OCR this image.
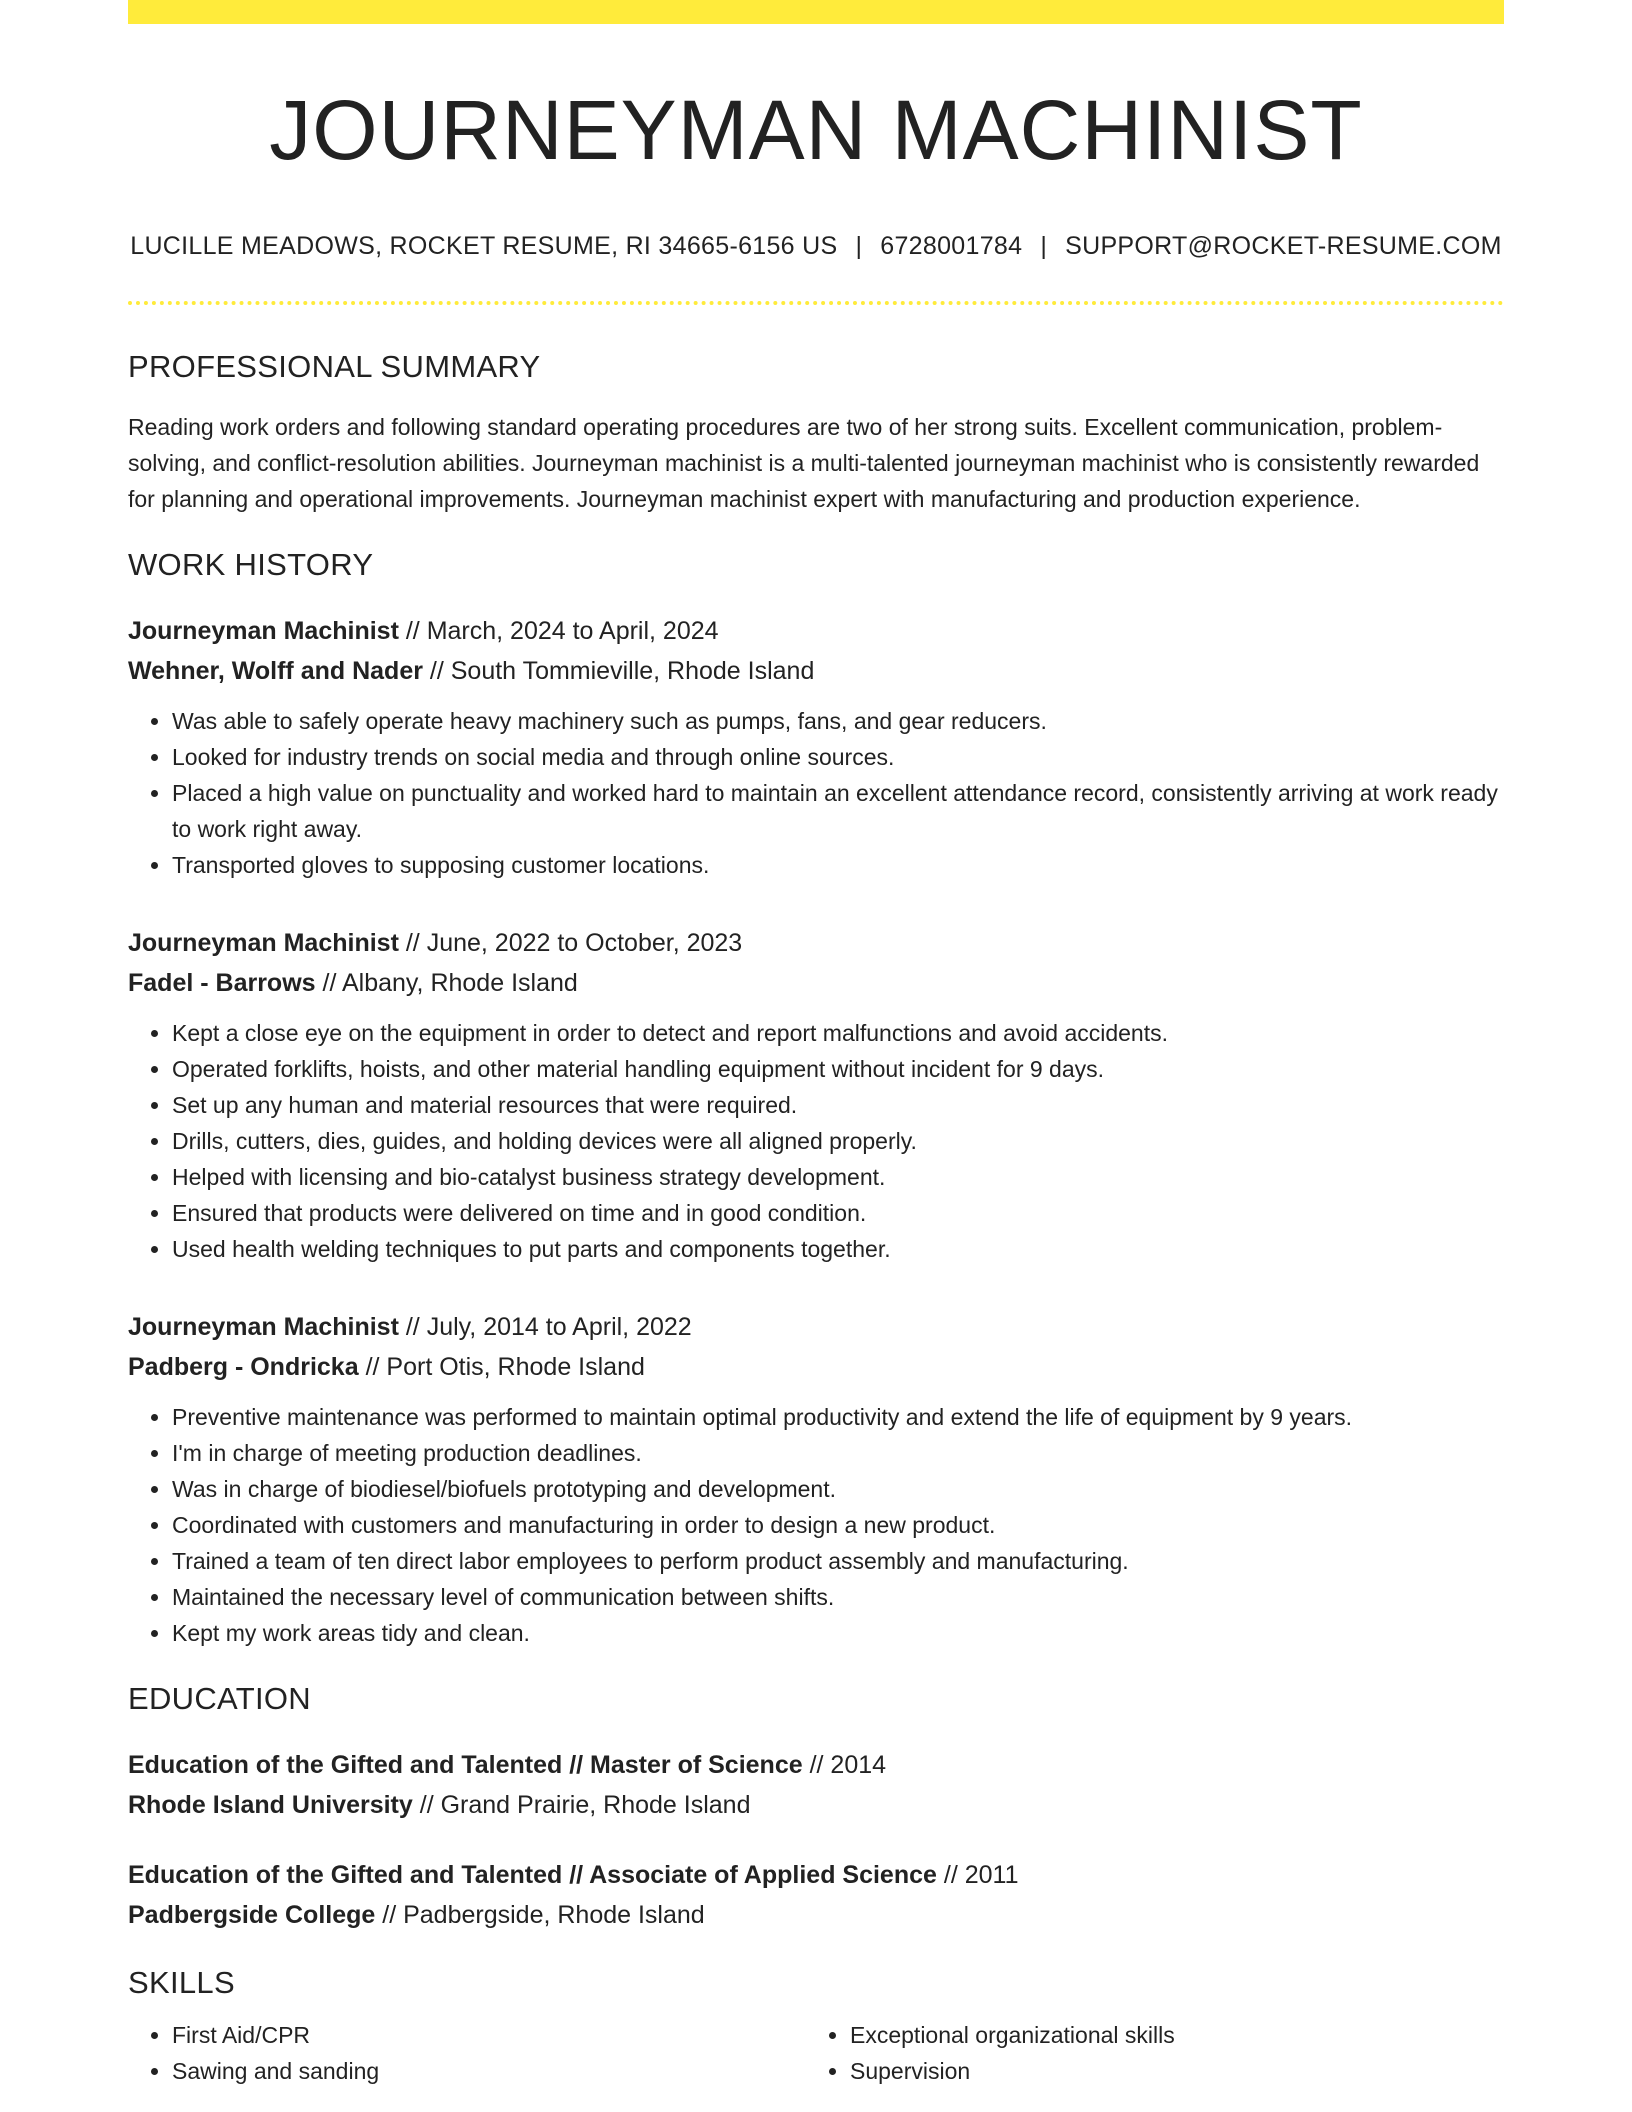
JOURNEYMAN MACHINIST
LUCILLE MEADOWS, ROCKET RESUME, RI 34665-6156 US | 6728001784 | SUPPORT@ROCKET-RESUME.COM
PROFESSIONAL SUMMARY
Reading work orders and following standard operating procedures are two of her strong suits. Excellent communication, problem-solving, and conflict-resolution abilities. Journeyman machinist is a multi-talented journeyman machinist who is consistently rewarded for planning and operational improvements. Journeyman machinist expert with manufacturing and production experience.
WORK HISTORY
Journeyman Machinist // March, 2024 to April, 2024
Wehner, Wolff and Nader // South Tommieville, Rhode Island
• Was able to safely operate heavy machinery such as pumps, fans, and gear reducers.
• Looked for industry trends on social media and through online sources.
• Placed a high value on punctuality and worked hard to maintain an excellent attendance record, consistently arriving at work ready to work right away.
• Transported gloves to supposing customer locations.
Journeyman Machinist // June, 2022 to October, 2023
Fadel - Barrows // Albany, Rhode Island
• Kept a close eye on the equipment in order to detect and report malfunctions and avoid accidents.
• Operated forklifts, hoists, and other material handling equipment without incident for 9 days.
• Set up any human and material resources that were required.
• Drills, cutters, dies, guides, and holding devices were all aligned properly.
• Helped with licensing and bio-catalyst business strategy development.
• Ensured that products were delivered on time and in good condition.
• Used health welding techniques to put parts and components together.
Journeyman Machinist // July, 2014 to April, 2022
Padberg - Ondricka // Port Otis, Rhode Island
• Preventive maintenance was performed to maintain optimal productivity and extend the life of equipment by 9 years.
• I'm in charge of meeting production deadlines.
• Was in charge of biodiesel/biofuels prototyping and development.
• Coordinated with customers and manufacturing in order to design a new product.
• Trained a team of ten direct labor employees to perform product assembly and manufacturing.
• Maintained the necessary level of communication between shifts.
• Kept my work areas tidy and clean.
EDUCATION
Education of the Gifted and Talented // Master of Science // 2014
Rhode Island University // Grand Prairie, Rhode Island
Education of the Gifted and Talented // Associate of Applied Science // 2011
Padbergside College // Padbergside, Rhode Island
SKILLS
• First Aid/CPR
• Sawing and sanding
• Exceptional organizational skills
• Supervision
